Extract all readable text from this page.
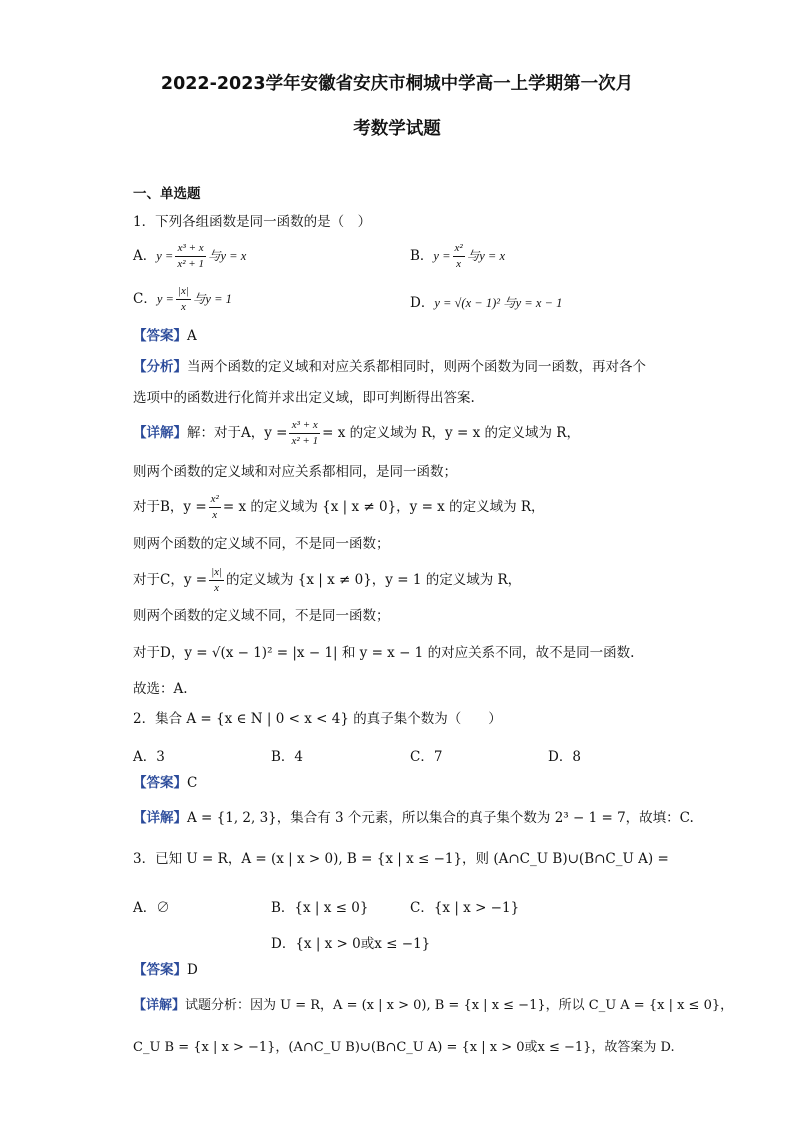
2022-2023学年安徽省安庆市桐城中学高一上学期第一次月
考数学试题
一、单选题
1．下列各组函数是同一函数的是（　）
A．$y = \frac{\text{x³ + x}}{\text{x² + 1}}$ 与y = x	B．$y = \frac{\text{x²}}{x}$ 与y = x
C．$y = \frac{|x|}{x}$ 与y = 1	D．y = √(x − 1)² 与y = x − 1
【答案】A
【分析】当两个函数的定义域和对应关系都相同时，则两个函数为同一函数，再对各个
选项中的函数进行化简并求出定义域，即可判断得出答案.
【详解】解：对于A，$y = \frac{\text{x³ + x}}{\text{x² + 1}} = x$ 的定义域为 R，y = x 的定义域为 R，
则两个函数的定义域和对应关系都相同，是同一函数；
对于B，$y = \frac{\text{x²}}{x} = x$ 的定义域为 {x | x ≠ 0}，y = x 的定义域为 R，
则两个函数的定义域不同，不是同一函数；
对于C，$y = \frac{|x|}{x}$ 的定义域为 {x | x ≠ 0}，y = 1 的定义域为 R，
则两个函数的定义域不同，不是同一函数；
对于D，y = √(x − 1)² = |x − 1| 和 y = x − 1 的对应关系不同，故不是同一函数.
故选：A.
2．集合 A = {x ∈ N | 0 < x < 4} 的真子集个数为（　　）
A．3	B．4	C．7	D．8
【答案】C
【详解】A = {1, 2, 3}，集合有 3 个元素，所以集合的真子集个数为 2³ − 1 = 7，故填：C.
3．已知 U = R，A = (x | x > 0), B = {x | x ≤ −1}，则 (A∩C_U B)∪(B∩C_U A) =
A．∅	B．{x | x ≤ 0}	C．{x | x > −1}
D．{x | x > 0或x ≤ −1}
【答案】D
【详解】试题分析：因为 U = R，A = (x | x > 0), B = {x | x ≤ −1}，所以 C_U A = {x | x ≤ 0}，
C_U B = {x | x > −1}，(A∩C_U B)∪(B∩C_U A) = {x | x > 0或x ≤ −1}，故答案为 D.
